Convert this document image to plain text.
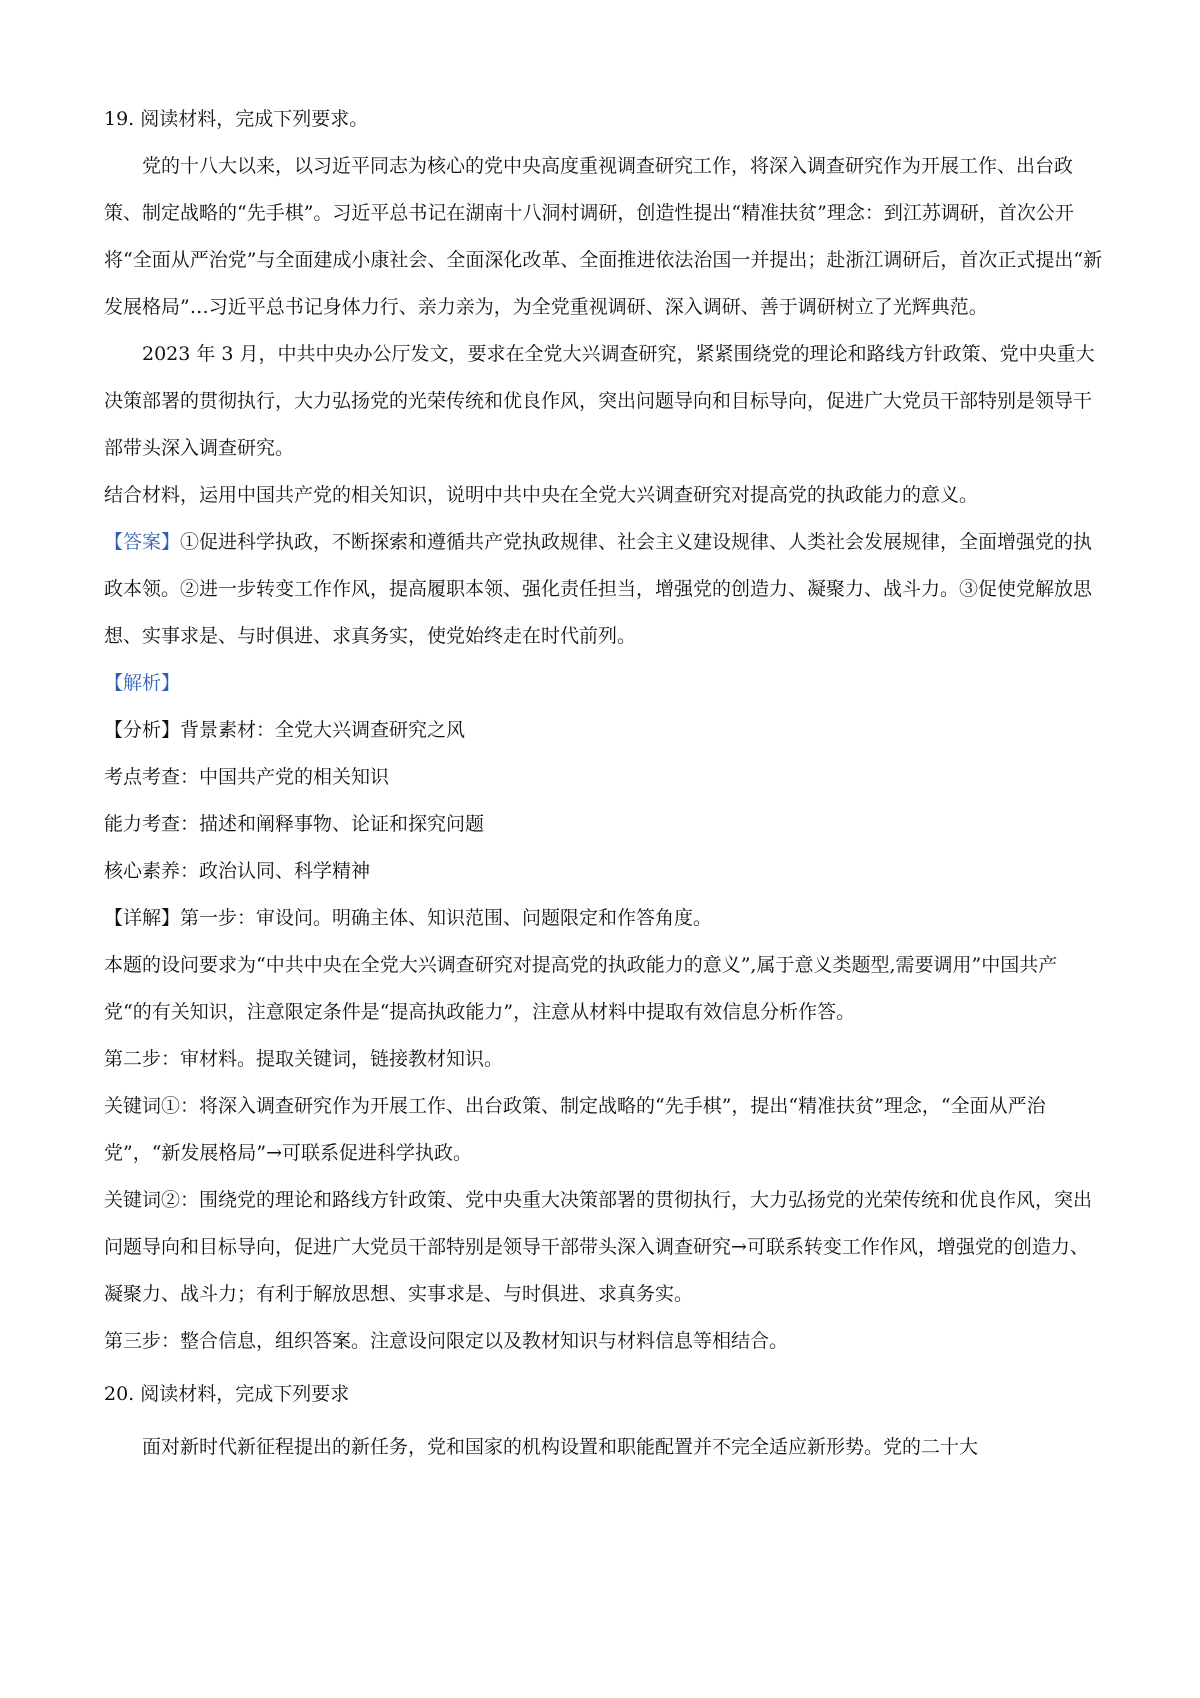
19. 阅读材料，完成下列要求。

党的十八大以来，以习近平同志为核心的党中央高度重视调查研究工作，将深入调查研究作为开展工作、出台政策、制定战略的“先手棋”。习近平总书记在湖南十八洞村调研，创造性提出“精准扶贫”理念：到江苏调研，首次公开将“全面从严治党”与全面建成小康社会、全面深化改革、全面推进依法治国一并提出；赴浙江调研后，首次正式提出“新发展格局”…习近平总书记身体力行、亲力亲为，为全党重视调研、深入调研、善于调研树立了光辉典范。

2023 年 3 月，中共中央办公厅发文，要求在全党大兴调查研究，紧紧围绕党的理论和路线方针政策、党中央重大决策部署的贯彻执行，大力弘扬党的光荣传统和优良作风，突出问题导向和目标导向，促进广大党员干部特别是领导干部带头深入调查研究。

结合材料，运用中国共产党的相关知识，说明中共中央在全党大兴调查研究对提高党的执政能力的意义。

【答案】①促进科学执政，不断探索和遵循共产党执政规律、社会主义建设规律、人类社会发展规律，全面增强党的执政本领。②进一步转变工作作风，提高履职本领、强化责任担当，增强党的创造力、凝聚力、战斗力。③促使党解放思想、实事求是、与时俱进、求真务实，使党始终走在时代前列。

【解析】

【分析】背景素材：全党大兴调查研究之风

考点考查：中国共产党的相关知识

能力考查：描述和阐释事物、论证和探究问题

核心素养：政治认同、科学精神

【详解】第一步：审设问。明确主体、知识范围、问题限定和作答角度。

本题的设问要求为“中共中央在全党大兴调查研究对提高党的执政能力的意义”,属于意义类题型,需要调用”中国共产党“的有关知识，注意限定条件是“提高执政能力”，注意从材料中提取有效信息分析作答。

第二步：审材料。提取关键词，链接教材知识。

关键词①：将深入调查研究作为开展工作、出台政策、制定战略的“先手棋”，提出“精准扶贫”理念，“全面从严治党”，“新发展格局”→可联系促进科学执政。

关键词②：围绕党的理论和路线方针政策、党中央重大决策部署的贯彻执行，大力弘扬党的光荣传统和优良作风，突出问题导向和目标导向，促进广大党员干部特别是领导干部带头深入调查研究→可联系转变工作作风，增强党的创造力、凝聚力、战斗力；有利于解放思想、实事求是、与时俱进、求真务实。

第三步：整合信息，组织答案。注意设问限定以及教材知识与材料信息等相结合。

20. 阅读材料，完成下列要求

面对新时代新征程提出的新任务，党和国家的机构设置和职能配置并不完全适应新形势。党的二十大
